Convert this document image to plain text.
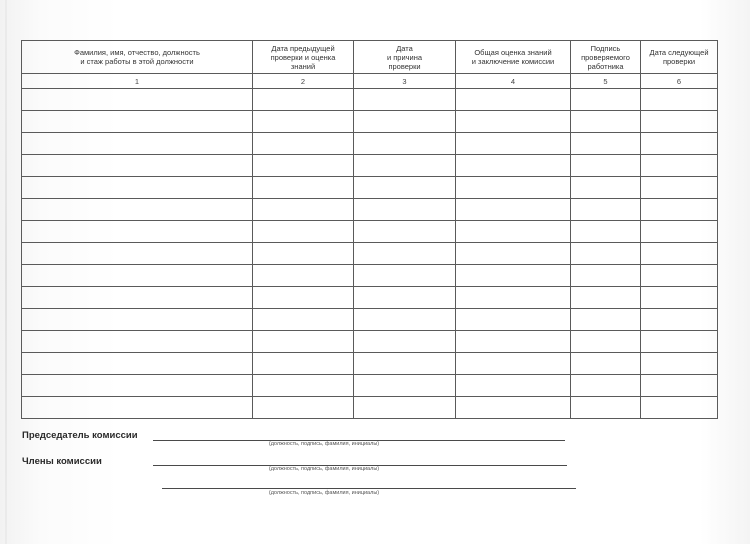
Фамилия, имя, отчество, должность
и стаж работы в этой должности	Дата предыдущей
проверки и оценка
знаний	Дата
и причина
проверки	Общая оценка знаний
и заключение комиссии	Подпись
проверяемого
работника	Дата следующей
проверки

1	2	3	4	5	6

Председатель комиссии
(должность, подпись, фамилия, инициалы)
Члены комиссии
(должность, подпись, фамилия, инициалы)
(должность, подпись, фамилия, инициалы)
